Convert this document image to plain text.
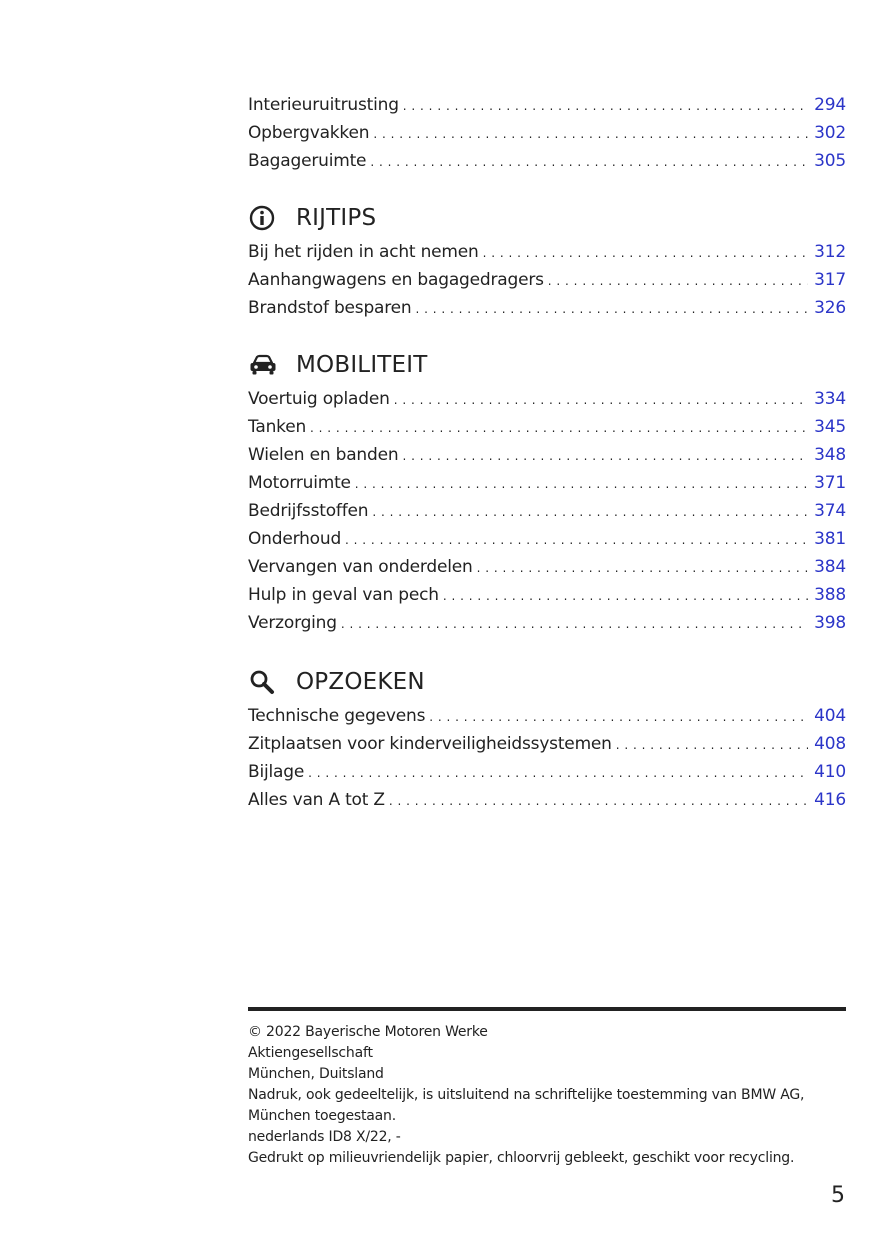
Interieuruitrusting . . .	294
Opbergvakken . . .	302
Bagageruimte . . .	305
RIJTIPS
Bij het rijden in acht nemen . . .	312
Aanhangwagens en bagagedragers . . .	317
Brandstof besparen . . .	326
MOBILITEIT
Voertuig opladen . . .	334
Tanken . . .	345
Wielen en banden . . .	348
Motorruimte . . .	371
Bedrijfsstoffen . . .	374
Onderhoud . . .	381
Vervangen van onderdelen . . .	384
Hulp in geval van pech . . .	388
Verzorging . . .	398
OPZOEKEN
Technische gegevens . . .	404
Zitplaatsen voor kinderveiligheidssystemen . . .	408
Bijlage . . .	410
Alles van A tot Z . . .	416
© 2022 Bayerische Motoren Werke
Aktiengesellschaft
München, Duitsland
Nadruk, ook gedeeltelijk, is uitsluitend na schriftelijke toestemming van BMW AG,
München toegestaan.
nederlands ID8 X/22, -
Gedrukt op milieuvriendelijk papier, chloorvrij gebleekt, geschikt voor recycling.
5
